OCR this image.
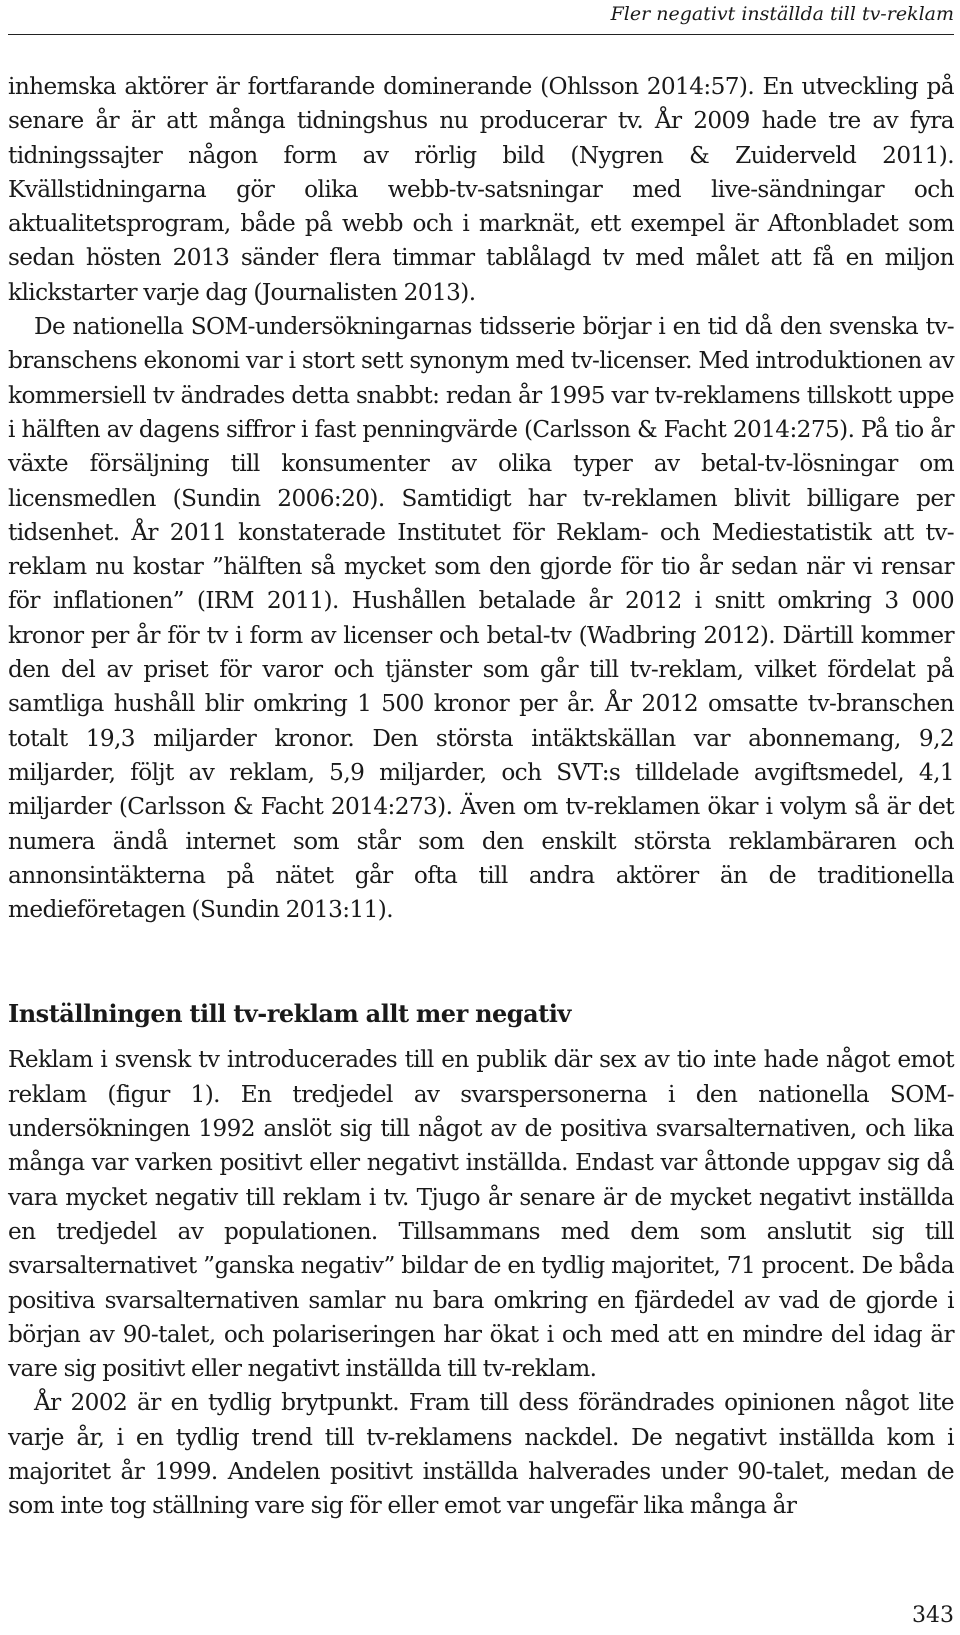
Fler negativt inställda till tv-reklam

inhemska aktörer är fortfarande dominerande (Ohlsson 2014:57). En utveckling på senare år är att många tidningshus nu producerar tv. År 2009 hade tre av fyra tidningssajter någon form av rörlig bild (Nygren & Zuiderveld 2011). Kvällstidningarna gör olika webb-tv-satsningar med live-sändningar och aktualitetsprogram, både på webb och i marknät, ett exempel är Aftonbladet som sedan hösten 2013 sänder flera timmar tablålagd tv med målet att få en miljon klickstarter varje dag (Journalisten 2013).

De nationella SOM-undersökningarnas tidsserie börjar i en tid då den svenska tv-branschens ekonomi var i stort sett synonym med tv-licenser. Med introduktionen av kommersiell tv ändrades detta snabbt: redan år 1995 var tv-reklamens tillskott uppe i hälften av dagens siffror i fast penningvärde (Carlsson & Facht 2014:275). På tio år växte försäljning till konsumenter av olika typer av betal-tv-lösningar om licensmedlen (Sundin 2006:20). Samtidigt har tv-reklamen blivit billigare per tidsenhet. År 2011 konstaterade Institutet för Reklam- och Mediestatistik att tv-reklam nu kostar ”hälften så mycket som den gjorde för tio år sedan när vi rensar för inflationen” (IRM 2011). Hushållen betalade år 2012 i snitt omkring 3 000 kronor per år för tv i form av licenser och betal-tv (Wadbring 2012). Därtill kommer den del av priset för varor och tjänster som går till tv-reklam, vilket fördelat på samtliga hushåll blir omkring 1 500 kronor per år. År 2012 omsatte tv-branschen totalt 19,3 miljarder kronor. Den största intäktskällan var abonnemang, 9,2 miljarder, följt av reklam, 5,9 miljarder, och SVT:s tilldelade avgiftsmedel, 4,1 miljarder (Carlsson & Facht 2014:273). Även om tv-reklamen ökar i volym så är det numera ändå internet som står som den enskilt största reklambäraren och annonsintäkterna på nätet går ofta till andra aktörer än de traditionella medieföretagen (Sundin 2013:11).

Inställningen till tv-reklam allt mer negativ

Reklam i svensk tv introducerades till en publik där sex av tio inte hade något emot reklam (figur 1). En tredjedel av svarspersonerna i den nationella SOM-undersökningen 1992 anslöt sig till något av de positiva svarsalternativen, och lika många var varken positivt eller negativt inställda. Endast var åttonde uppgav sig då vara mycket negativ till reklam i tv. Tjugo år senare är de mycket negativt inställda en tredjedel av populationen. Tillsammans med dem som anslutit sig till svarsalternativet ”ganska negativ” bildar de en tydlig majoritet, 71 procent. De båda positiva svarsalternativen samlar nu bara omkring en fjärdedel av vad de gjorde i början av 90-talet, och polariseringen har ökat i och med att en mindre del idag är vare sig positivt eller negativt inställda till tv-reklam.

År 2002 är en tydlig brytpunkt. Fram till dess förändrades opinionen något lite varje år, i en tydlig trend till tv-reklamens nackdel. De negativt inställda kom i majoritet år 1999. Andelen positivt inställda halverades under 90-talet, medan de som inte tog ställning vare sig för eller emot var ungefär lika många år

343
